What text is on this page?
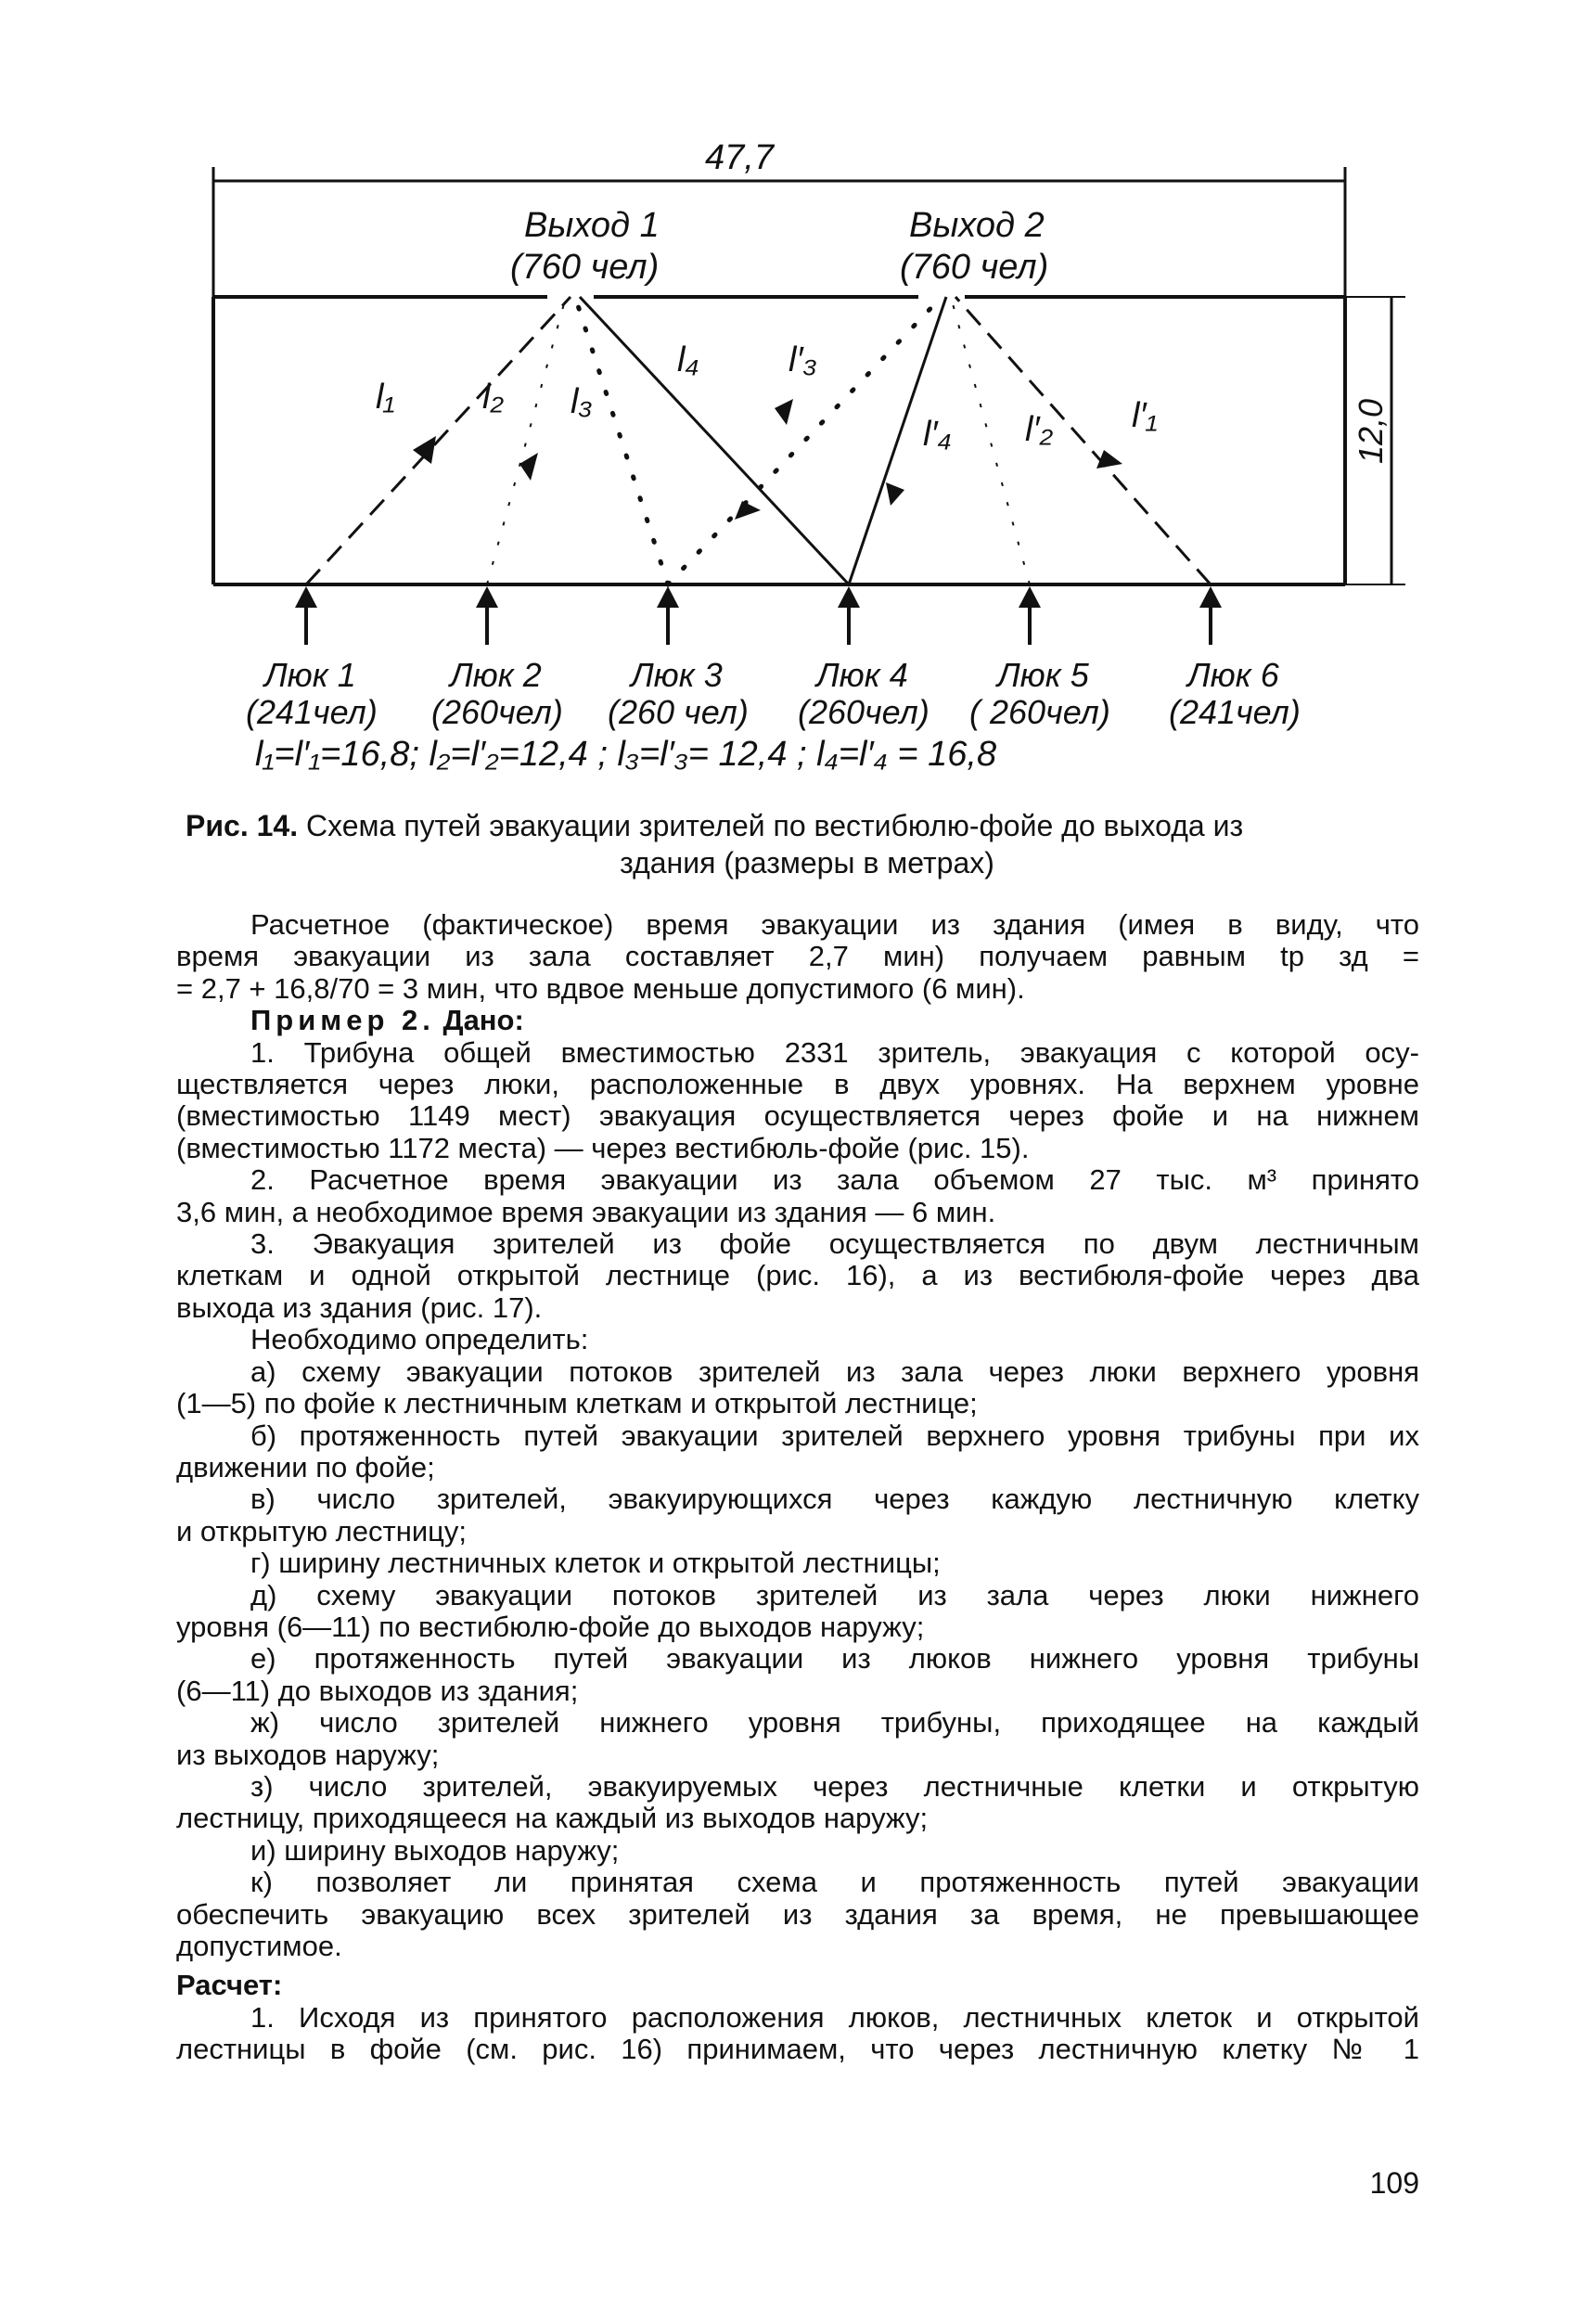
47,7
12,0
Выход 1
(760 чел)
Выход 2
(760 чел)
l₁ l₂ l₃
l₄	l′₃
l′₄ l′₂ l′₁
Люк 1
(241чел)
Люк 2
(260чел)
Люк 3
(260 чел)
Люк 4
(260чел)
Люк 5
( 260чел)
Люк 6
(241чел)
l₁=l′₁=16,8; l₂=l′₂=12,4 ; l₃=l′₃= 12,4 ; l₄=l′₄ = 16,8
Рис. 14. Схема путей эвакуации зрителей по вестибюлю-фойе до выхода из
здания (размеры в метрах)
Расчетное (фактическое) время эвакуации из здания (имея в виду, что
время эвакуации из зала составляет 2,7 мин) получаем равным tр зд =
= 2,7 + 16,8/70 = 3 мин, что вдвое меньше допустимого (6 мин).
Пример 2. Дано:
1. Трибуна общей вместимостью 2331 зритель, эвакуация с которой осу-
ществляется через люки, расположенные в двух уровнях. На верхнем уровне
(вместимостью 1149 мест) эвакуация осуществляется через фойе и на нижнем
(вместимостью 1172 места) — через вестибюль-фойе (рис. 15).
2. Расчетное время эвакуации из зала объемом 27 тыс. м³ принято
3,6 мин, а необходимое время эвакуации из здания — 6 мин.
3. Эвакуация зрителей из фойе осуществляется по двум лестничным
клеткам и одной открытой лестнице (рис. 16), а из вестибюля-фойе через два
выхода из здания (рис. 17).
Необходимо определить:
а) схему эвакуации потоков зрителей из зала через люки верхнего уровня
(1—5) по фойе к лестничным клеткам и открытой лестнице;
б) протяженность путей эвакуации зрителей верхнего уровня трибуны при их
движении по фойе;
в) число зрителей, эвакуирующихся через каждую лестничную клетку
и открытую лестницу;
г) ширину лестничных клеток и открытой лестницы;
д) схему эвакуации потоков зрителей из зала через люки нижнего
уровня (6—11) по вестибюлю-фойе до выходов наружу;
е) протяженность путей эвакуации из люков нижнего уровня трибуны
(6—11) до выходов из здания;
ж) число зрителей нижнего уровня трибуны, приходящее на каждый
из выходов наружу;
з) число зрителей, эвакуируемых через лестничные клетки и открытую
лестницу, приходящееся на каждый из выходов наружу;
и) ширину выходов наружу;
к) позволяет ли принятая схема и протяженность путей эвакуации
обеспечить эвакуацию всех зрителей из здания за время, не превышающее
допустимое.
Расчет:
1. Исходя из принятого расположения люков, лестничных клеток и открытой
лестницы в фойе (см. рис. 16) принимаем, что через лестничную клетку № 1
109
